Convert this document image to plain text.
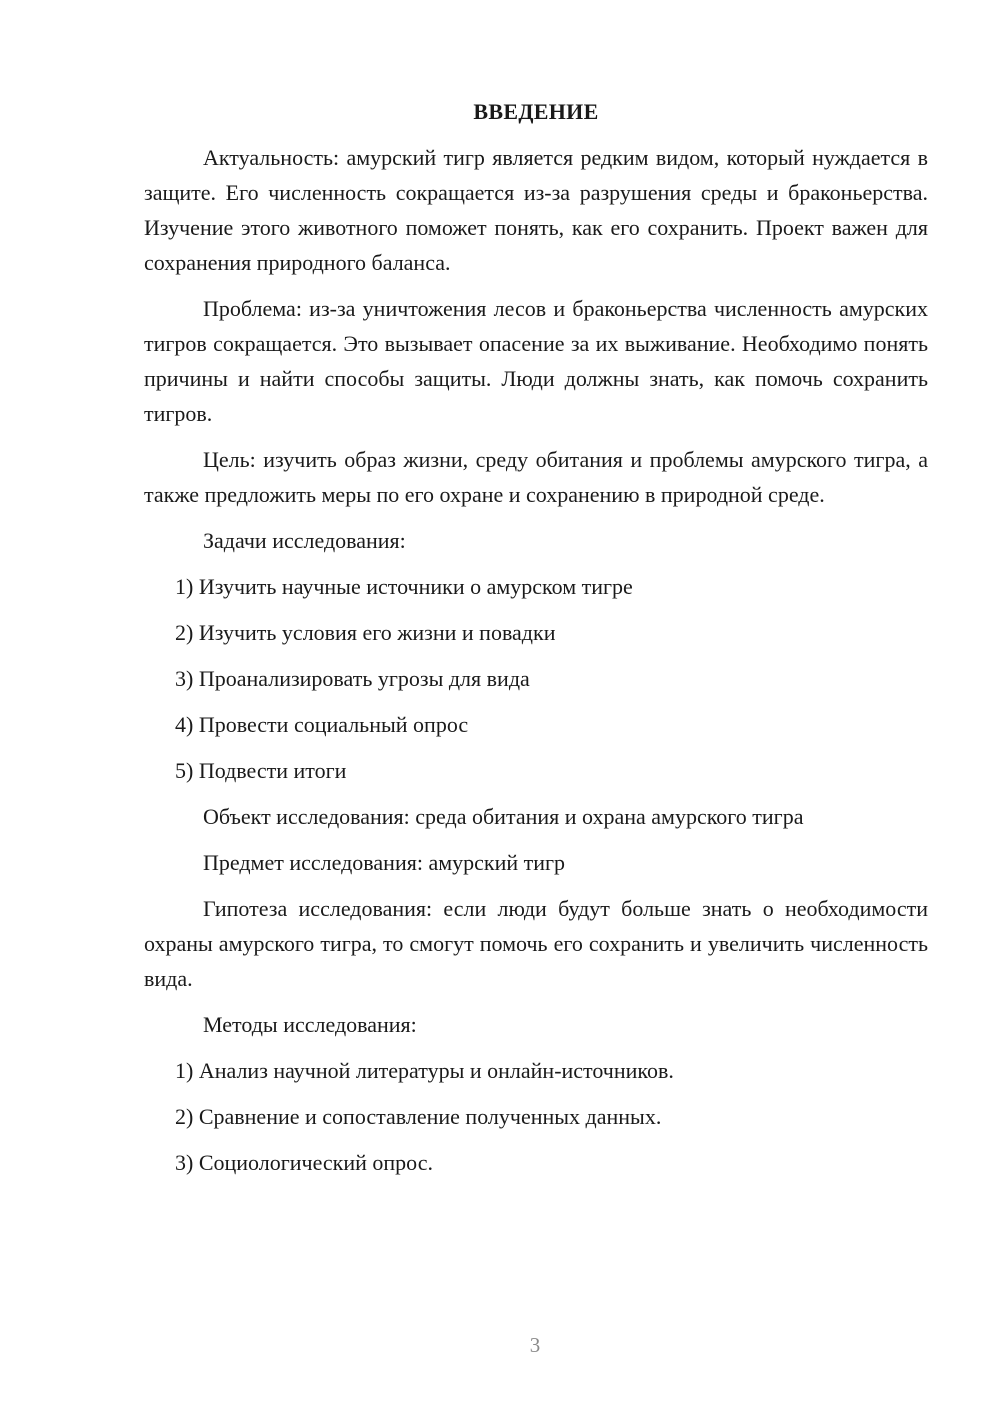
ВВЕДЕНИЕ

Актуальность: амурский тигр является редким видом, который нуждается в защите. Его численность сокращается из-за разрушения среды и браконьерства. Изучение этого животного поможет понять, как его сохранить. Проект важен для сохранения природного баланса.

Проблема: из-за уничтожения лесов и браконьерства численность амурских тигров сокращается. Это вызывает опасение за их выживание. Необходимо понять причины и найти способы защиты. Люди должны знать, как помочь сохранить тигров.

Цель: изучить образ жизни, среду обитания и проблемы амурского тигра, а также предложить меры по его охране и сохранению в природной среде.

Задачи исследования:

1) Изучить научные источники о амурском тигре
2) Изучить условия его жизни и повадки
3) Проанализировать угрозы для вида
4) Провести социальный опрос
5) Подвести итоги

Объект исследования: среда обитания и охрана амурского тигра

Предмет исследования: амурский тигр

Гипотеза исследования: если люди будут больше знать о необходимости охраны амурского тигра, то смогут помочь его сохранить и увеличить численность вида.

Методы исследования:

1) Анализ научной литературы и онлайн-источников.
2) Сравнение и сопоставление полученных данных.
3) Социологический опрос.
3
